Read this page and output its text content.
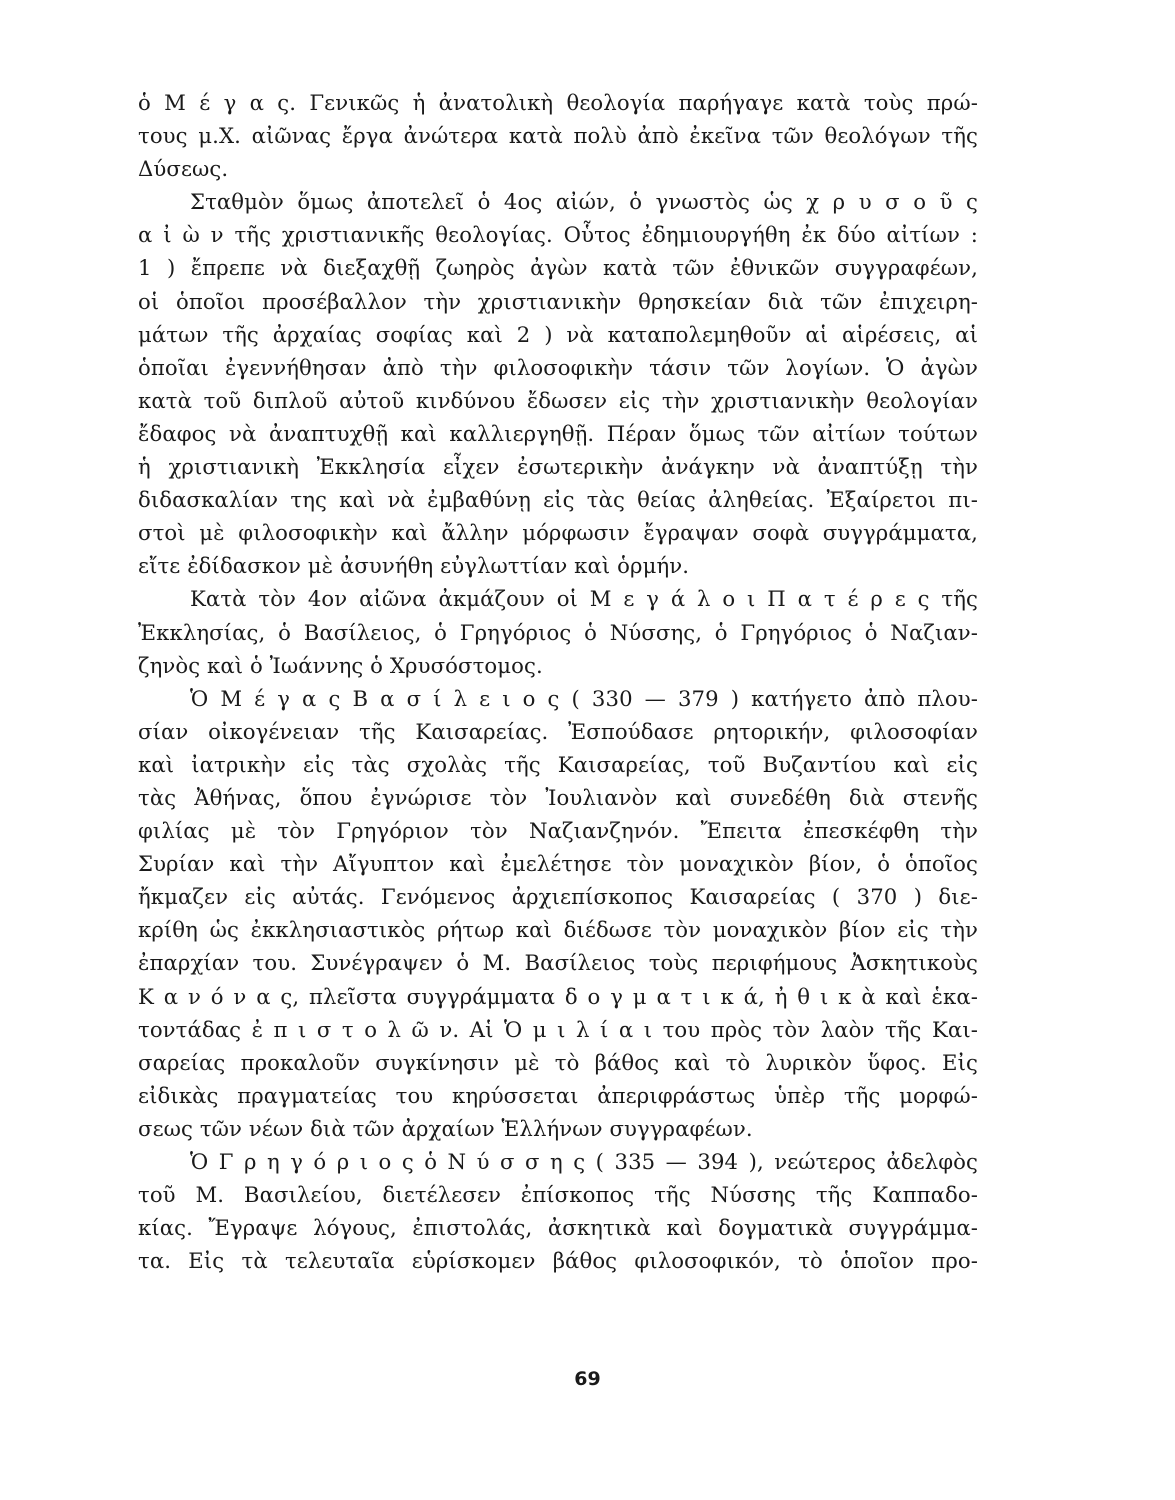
ὁ Μ έ γ α ς. Γενικῶς ἡ ἀνατολικὴ θεολογία παρήγαγε κατὰ τοὺς πρώ-
τους μ.Χ. αἰῶνας ἔργα ἀνώτερα κατὰ πολὺ ἀπὸ ἐκεῖνα τῶν θεολόγων τῆς
Δύσεως.
Σταθμὸν ὅμως ἀποτελεῖ ὁ 4ος αἰών, ὁ γνωστὸς ὡς χ ρ υ σ ο ῦ ς
α ἰ ὼ ν τῆς χριστιανικῆς θεολογίας. Οὗτος ἐδημιουργήθη ἐκ δύο αἰτίων :
1 ) ἔπρεπε νὰ διεξαχθῇ ζωηρὸς ἀγὼν κατὰ τῶν ἐθνικῶν συγγραφέων,
οἱ ὁποῖοι προσέβαλλον τὴν χριστιανικὴν θρησκείαν διὰ τῶν ἐπιχειρη-
μάτων τῆς ἀρχαίας σοφίας καὶ 2 ) νὰ καταπολεμηθοῦν αἱ αἱρέσεις, αἱ
ὁποῖαι ἐγεννήθησαν ἀπὸ τὴν φιλοσοφικὴν τάσιν τῶν λογίων. Ὁ ἀγὼν
κατὰ τοῦ διπλοῦ αὐτοῦ κινδύνου ἔδωσεν εἰς τὴν χριστιανικὴν θεολογίαν
ἔδαφος νὰ ἀναπτυχθῇ καὶ καλλιεργηθῇ. Πέραν ὅμως τῶν αἰτίων τούτων
ἡ χριστιανικὴ Ἐκκλησία εἶχεν ἐσωτερικὴν ἀνάγκην νὰ ἀναπτύξῃ τὴν
διδασκαλίαν της καὶ νὰ ἐμβαθύνῃ εἰς τὰς θείας ἀληθείας. Ἐξαίρετοι πι-
στοὶ μὲ φιλοσοφικὴν καὶ ἄλλην μόρφωσιν ἔγραψαν σοφὰ συγγράμματα,
εἴτε ἐδίδασκον μὲ ἀσυνήθη εὐγλωττίαν καὶ ὁρμήν.
Κατὰ τὸν 4ον αἰῶνα ἀκμάζουν οἱ Μ ε γ ά λ ο ι Π α τ έ ρ ε ς τῆς
Ἐκκλησίας, ὁ Βασίλειος, ὁ Γρηγόριος ὁ Νύσσης, ὁ Γρηγόριος ὁ Ναζιαν-
ζηνὸς καὶ ὁ Ἰωάννης ὁ Χρυσόστομος.
Ὁ Μ έ γ α ς Β α σ ί λ ε ι ο ς ( 330 — 379 ) κατήγετο ἀπὸ πλου-
σίαν οἰκογένειαν τῆς Καισαρείας. Ἐσπούδασε ρητορικήν, φιλοσοφίαν
καὶ ἰατρικὴν εἰς τὰς σχολὰς τῆς Καισαρείας, τοῦ Βυζαντίου καὶ εἰς
τὰς Ἀθήνας, ὅπου ἐγνώρισε τὸν Ἰουλιανὸν καὶ συνεδέθη διὰ στενῆς
φιλίας μὲ τὸν Γρηγόριον τὸν Ναζιανζηνόν. Ἔπειτα ἐπεσκέφθη τὴν
Συρίαν καὶ τὴν Αἴγυπτον καὶ ἐμελέτησε τὸν μοναχικὸν βίον, ὁ ὁποῖος
ἤκμαζεν εἰς αὐτάς. Γενόμενος ἀρχιεπίσκοπος Καισαρείας ( 370 ) διε-
κρίθη ὡς ἐκκλησιαστικὸς ρήτωρ καὶ διέδωσε τὸν μοναχικὸν βίον εἰς τὴν
ἐπαρχίαν του. Συνέγραψεν ὁ Μ. Βασίλειος τοὺς περιφήμους Ἀσκητικοὺς
Κ α ν ό ν α ς, πλεῖστα συγγράμματα δ ο γ μ α τ ι κ ά, ἠ θ ι κ ὰ καὶ ἑκα-
τοντάδας ἐ π ι σ τ ο λ ῶ ν. Αἱ Ὁ μ ι λ ί α ι του πρὸς τὸν λαὸν τῆς Και-
σαρείας προκαλοῦν συγκίνησιν μὲ τὸ βάθος καὶ τὸ λυρικὸν ὕφος. Εἰς
εἰδικὰς πραγματείας του κηρύσσεται ἀπεριφράστως ὑπὲρ τῆς μορφώ-
σεως τῶν νέων διὰ τῶν ἀρχαίων Ἑλλήνων συγγραφέων.
Ὁ Γ ρ η γ ό ρ ι ο ς ὁ Ν ύ σ σ η ς ( 335 — 394 ), νεώτερος ἀδελφὸς
τοῦ Μ. Βασιλείου, διετέλεσεν ἐπίσκοπος τῆς Νύσσης τῆς Καππαδο-
κίας. Ἔγραψε λόγους, ἐπιστολάς, ἀσκητικὰ καὶ δογματικὰ συγγράμμα-
τα. Εἰς τὰ τελευταῖα εὑρίσκομεν βάθος φιλοσοφικόν, τὸ ὁποῖον προ-
69
